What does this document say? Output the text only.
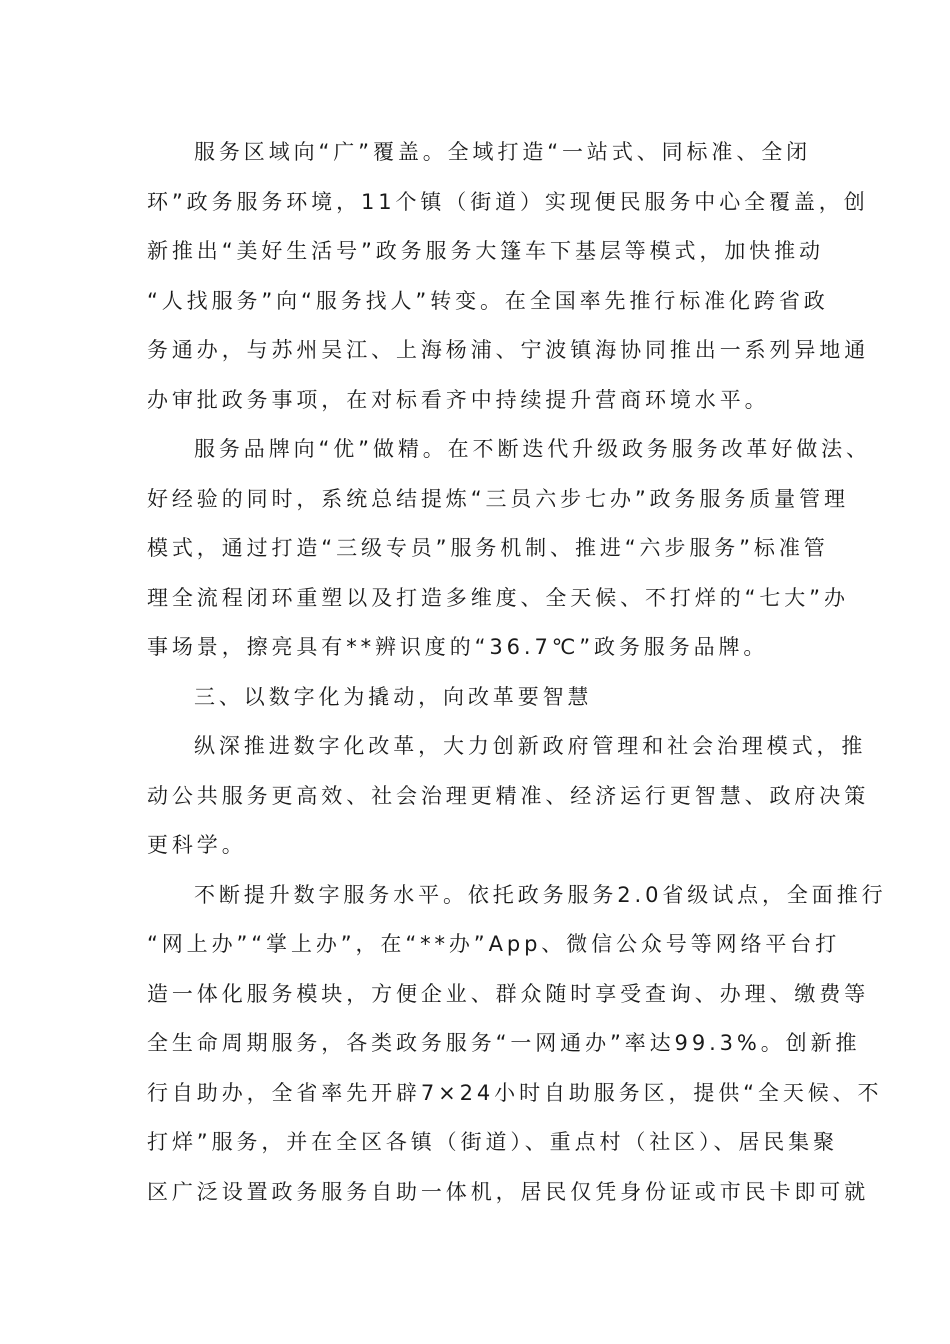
服务区域向“广”覆盖。全域打造“一站式、同标准、全闭
环”政务服务环境，11个镇（街道）实现便民服务中心全覆盖，创
新推出“美好生活号”政务服务大篷车下基层等模式，加快推动
“人找服务”向“服务找人”转变。在全国率先推行标准化跨省政
务通办，与苏州吴江、上海杨浦、宁波镇海协同推出一系列异地通
办审批政务事项，在对标看齐中持续提升营商环境水平。
服务品牌向“优”做精。在不断迭代升级政务服务改革好做法、
好经验的同时，系统总结提炼“三员六步七办”政务服务质量管理
模式，通过打造“三级专员”服务机制、推进“六步服务”标准管
理全流程闭环重塑以及打造多维度、全天候、不打烊的“七大”办
事场景，擦亮具有**辨识度的“36.7℃”政务服务品牌。
三、以数字化为撬动，向改革要智慧
纵深推进数字化改革，大力创新政府管理和社会治理模式，推
动公共服务更高效、社会治理更精准、经济运行更智慧、政府决策
更科学。
不断提升数字服务水平。依托政务服务2.0省级试点，全面推行
“网上办”“掌上办”，在“**办”App、微信公众号等网络平台打
造一体化服务模块，方便企业、群众随时享受查询、办理、缴费等
全生命周期服务，各类政务服务“一网通办”率达99.3%。创新推
行自助办，全省率先开辟7×24小时自助服务区，提供“全天候、不
打烊”服务，并在全区各镇（街道）、重点村（社区）、居民集聚
区广泛设置政务服务自助一体机，居民仅凭身份证或市民卡即可就
